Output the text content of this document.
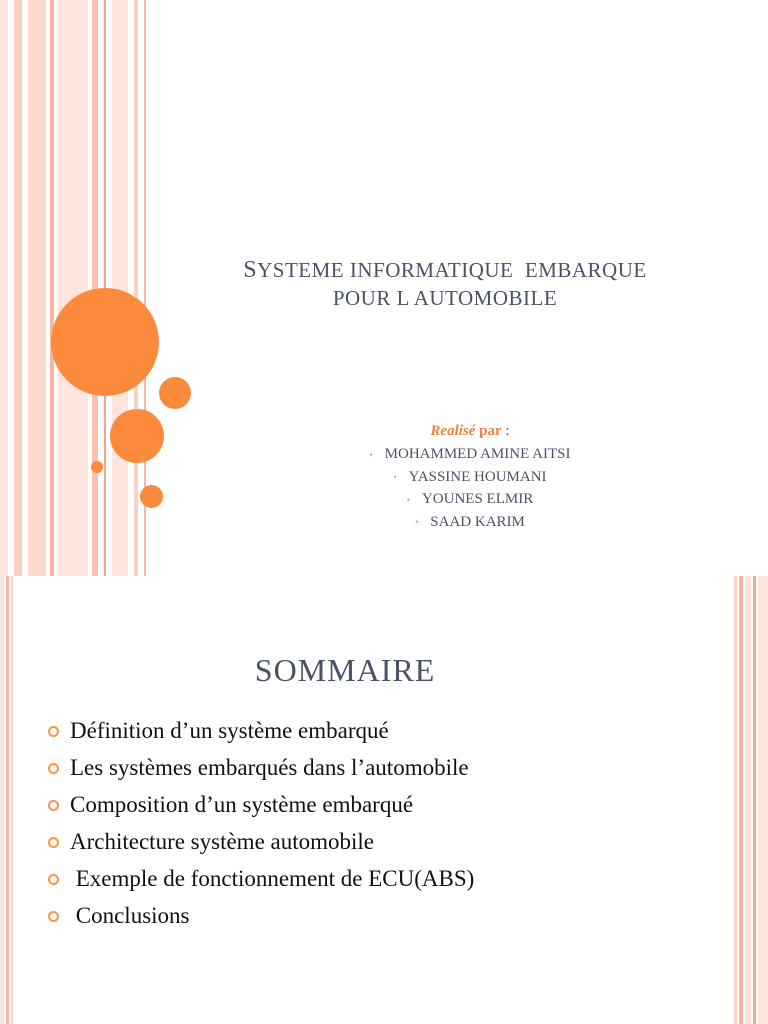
SYSTEME INFORMATIQUE  EMBARQUE
POUR L AUTOMOBILE
Realisé par :
• MOHAMMED AMINE AITSI
• YASSINE HOUMANI
• YOUNES ELMIR
• SAAD KARIM
SOMMAIRE
Définition d’un système embarqué
Les systèmes embarqués dans l’automobile
Composition d’un système embarqué
Architecture système automobile
Exemple de fonctionnement de ECU(ABS)
Conclusions
